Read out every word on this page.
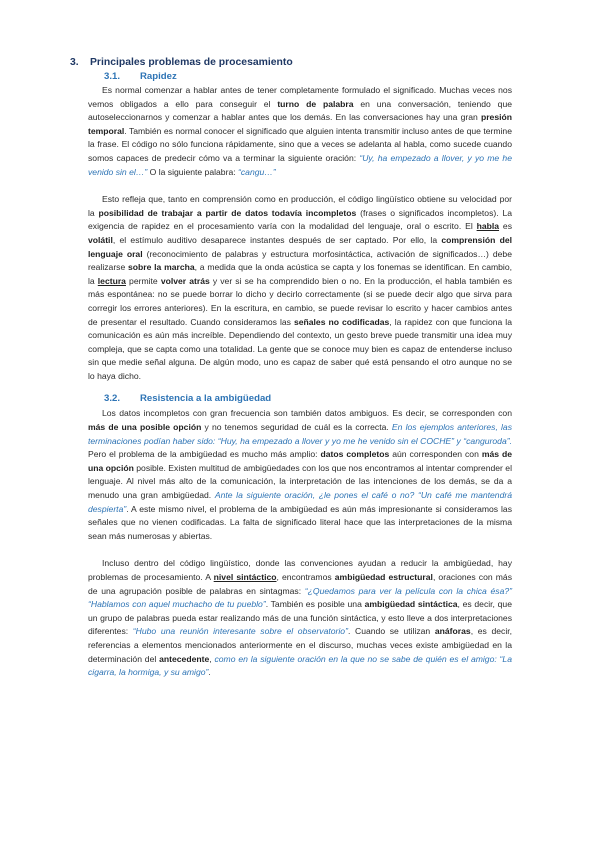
3. Principales problemas de procesamiento
3.1. Rapidez

Es normal comenzar a hablar antes de tener completamente formulado el significado. Muchas veces nos vemos obligados a ello para conseguir el turno de palabra en una conversación, teniendo que autoseleccionarnos y comenzar a hablar antes que los demás. En las conversaciones hay una gran presión temporal. También es normal conocer el significado que alguien intenta transmitir incluso antes de que termine la frase. El código no sólo funciona rápidamente, sino que a veces se adelanta al habla, como sucede cuando somos capaces de predecir cómo va a terminar la siguiente oración: “Uy, ha empezado a llover, y yo me he venido sin el…” O la siguiente palabra: “cangu…”

Esto refleja que, tanto en comprensión como en producción, el código lingüístico obtiene su velocidad por la posibilidad de trabajar a partir de datos todavía incompletos (frases o significados incompletos). La exigencia de rapidez en el procesamiento varía con la modalidad del lenguaje, oral o escrito. El habla es volátil, el estímulo auditivo desaparece instantes después de ser captado. Por ello, la comprensión del lenguaje oral (reconocimiento de palabras y estructura morfosintáctica, activación de significados…) debe realizarse sobre la marcha, a medida que la onda acústica se capta y los fonemas se identifican. En cambio, la lectura permite volver atrás y ver si se ha comprendido bien o no. En la producción, el habla también es más espontánea: no se puede borrar lo dicho y decirlo correctamente (si se puede decir algo que sirva para corregir los errores anteriores). En la escritura, en cambio, se puede revisar lo escrito y hacer cambios antes de presentar el resultado. Cuando consideramos las señales no codificadas, la rapidez con que funciona la comunicación es aún más increíble. Dependiendo del contexto, un gesto breve puede transmitir una idea muy compleja, que se capta como una totalidad. La gente que se conoce muy bien es capaz de entenderse incluso sin que medie señal alguna. De algún modo, uno es capaz de saber qué está pensando el otro aunque no se lo haya dicho.

3.2. Resistencia a la ambigüedad

Los datos incompletos con gran frecuencia son también datos ambiguos. Es decir, se corresponden con más de una posible opción y no tenemos seguridad de cuál es la correcta. En los ejemplos anteriores, las terminaciones podían haber sido: “Huy, ha empezado a llover y yo me he venido sin el COCHE” y “canguroda”. Pero el problema de la ambigüedad es mucho más amplio: datos completos aún corresponden con más de una opción posible. Existen multitud de ambigüedades con los que nos encontramos al intentar comprender el lenguaje. Al nivel más alto de la comunicación, la interpretación de las intenciones de los demás, se da a menudo una gran ambigüedad. Ante la siguiente oración, ¿le pones el café o no? “Un café me mantendrá despierta”. A este mismo nivel, el problema de la ambigüedad es aún más impresionante si consideramos las señales que no vienen codificadas. La falta de significado literal hace que las interpretaciones de la misma sean más numerosas y abiertas.

Incluso dentro del código lingüístico, donde las convenciones ayudan a reducir la ambigüedad, hay problemas de procesamiento. A nivel sintáctico, encontramos ambigüedad estructural, oraciones con más de una agrupación posible de palabras en sintagmas: “¿Quedamos para ver la película con la chica ésa?” “Hablamos con aquel muchacho de tu pueblo”. También es posible una ambigüedad sintáctica, es decir, que un grupo de palabras pueda estar realizando más de una función sintáctica, y esto lleve a dos interpretaciones diferentes: “Hubo una reunión interesante sobre el observatorio”. Cuando se utilizan anáforas, es decir, referencias a elementos mencionados anteriormente en el discurso, muchas veces existe ambigüedad en la determinación del antecedente, como en la siguiente oración en la que no se sabe de quién es el amigo: “La cigarra, la hormiga, y su amigo”.
